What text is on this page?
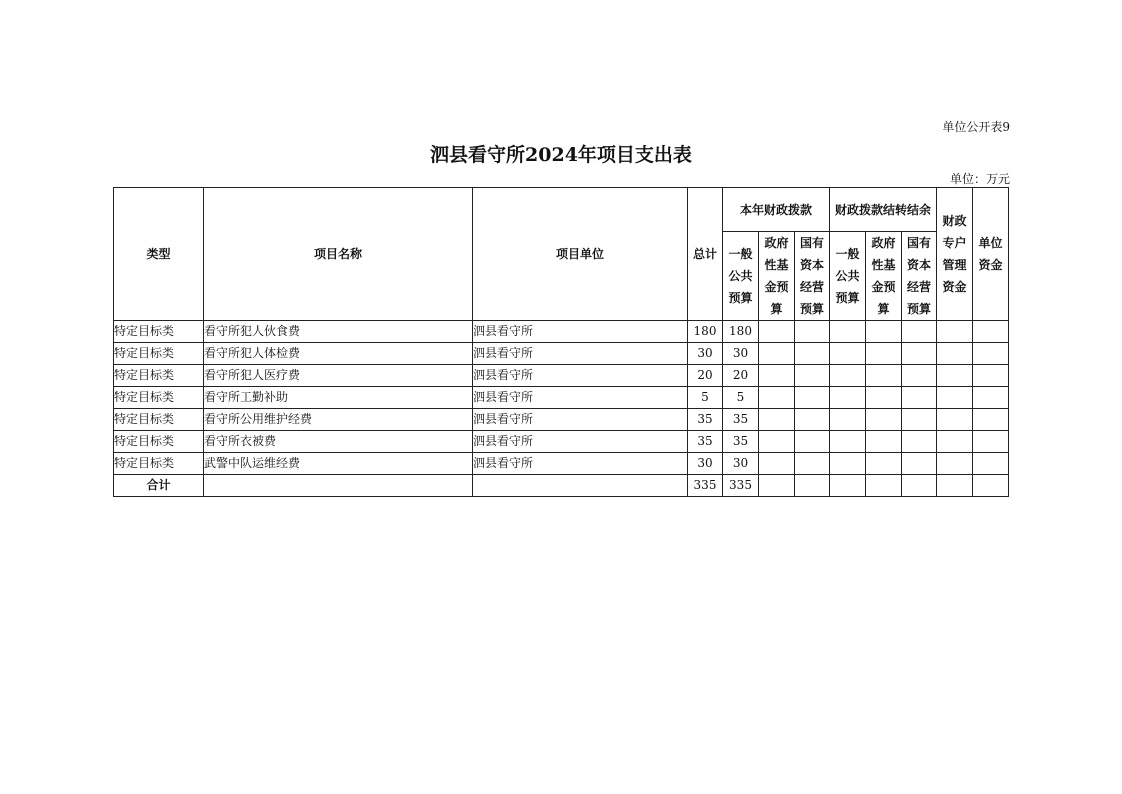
单位公开表9
泗县看守所2024年项目支出表
单位：万元
类型	项目名称	项目单位	总计	本年财政拨款			财政拨款结转结余			财政专户管理资金	单位资金
				一般公共预算	政府性基金预算	国有资本经营预算	一般公共预算	政府性基金预算	国有资本经营预算		
特定目标类	看守所犯人伙食费	泗县看守所	180	180							
特定目标类	看守所犯人体检费	泗县看守所	30	30							
特定目标类	看守所犯人医疗费	泗县看守所	20	20							
特定目标类	看守所工勤补助	泗县看守所	5	5							
特定目标类	看守所公用维护经费	泗县看守所	35	35							
特定目标类	看守所衣被费	泗县看守所	35	35							
特定目标类	武警中队运维经费	泗县看守所	30	30							
合计			335	335							
